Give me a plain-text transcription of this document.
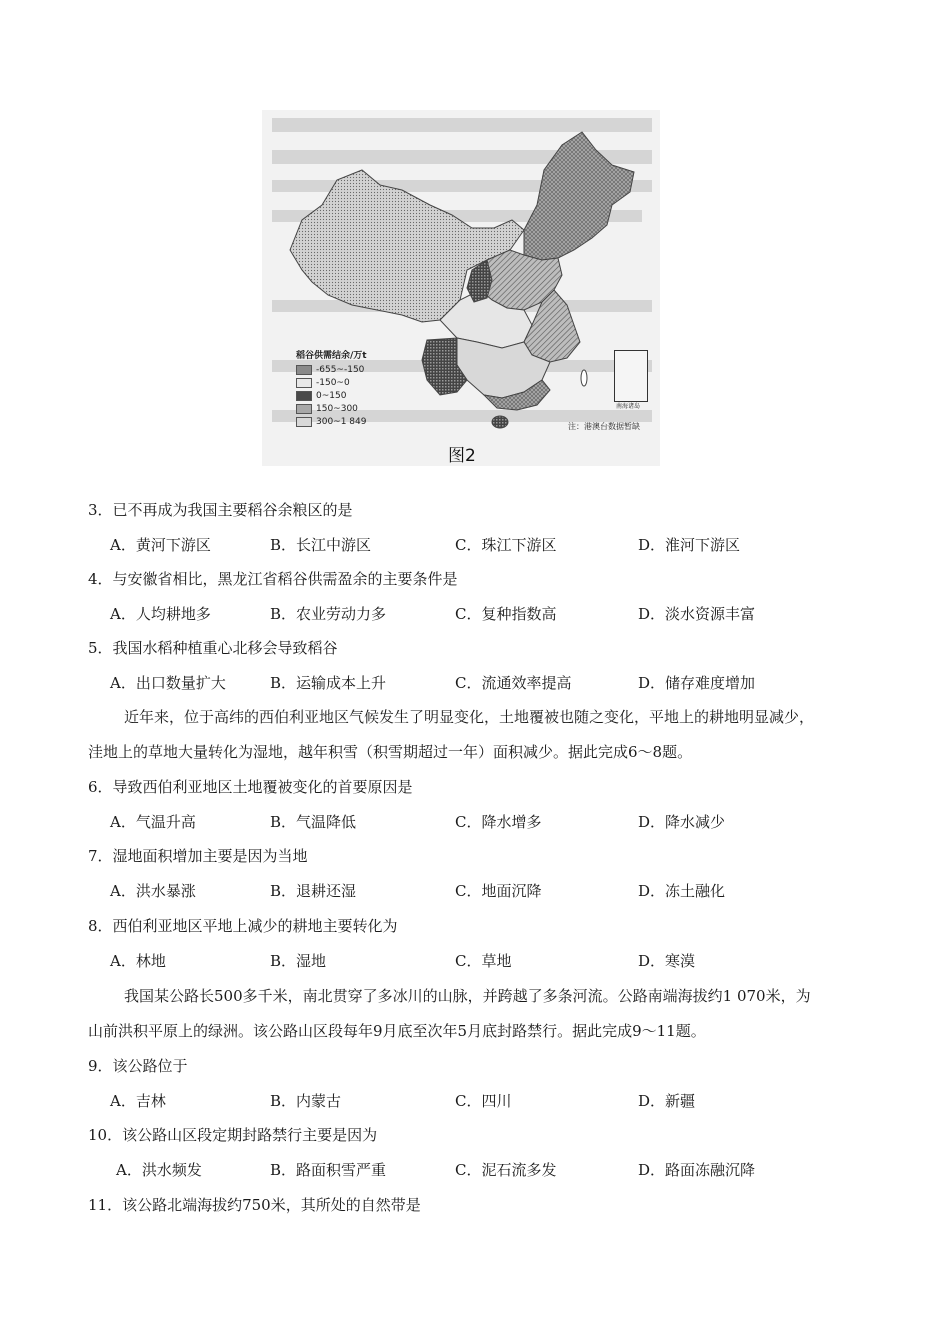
稻谷供需结余/万t
-655~-150
-150~0
0~150
150~300
300~1 849
南海诸岛
注：港澳台数据暂缺
图2
3．已不再成为我国主要稻谷余粮区的是
A．黄河下游区	B．长江中游区	C．珠江下游区	D．淮河下游区
4．与安徽省相比，黑龙江省稻谷供需盈余的主要条件是
A．人均耕地多	B．农业劳动力多	C．复种指数高	D．淡水资源丰富
5．我国水稻种植重心北移会导致稻谷
A．出口数量扩大	B．运输成本上升	C．流通效率提高	D．储存难度增加
近年来，位于高纬的西伯利亚地区气候发生了明显变化，土地覆被也随之变化，平地上的耕地明显减少，
洼地上的草地大量转化为湿地，越年积雪（积雪期超过一年）面积减少。据此完成6～8题。
6．导致西伯利亚地区土地覆被变化的首要原因是
A．气温升高	B．气温降低	C．降水增多	D．降水减少
7．湿地面积增加主要是因为当地
A．洪水暴涨	B．退耕还湿	C．地面沉降	D．冻土融化
8．西伯利亚地区平地上减少的耕地主要转化为
A．林地	B．湿地	C．草地	D．寒漠
我国某公路长500多千米，南北贯穿了多冰川的山脉，并跨越了多条河流。公路南端海拔约1 070米，为
山前洪积平原上的绿洲。该公路山区段每年9月底至次年5月底封路禁行。据此完成9～11题。
9．该公路位于
A．吉林	B．内蒙古	C．四川	D．新疆
10．该公路山区段定期封路禁行主要是因为
A．洪水频发	B．路面积雪严重	C．泥石流多发	D．路面冻融沉降
11．该公路北端海拔约750米，其所处的自然带是
